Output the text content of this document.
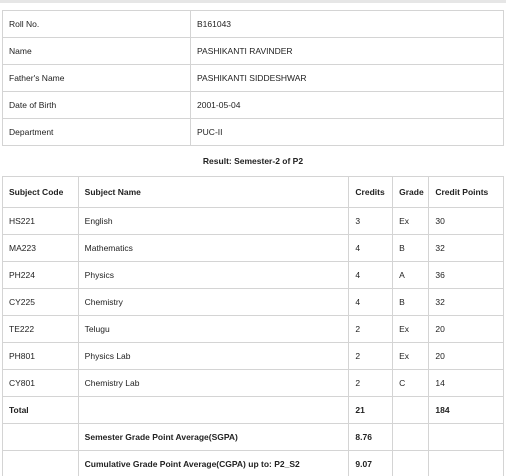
Roll No.	B161043
Name	PASHIKANTI RAVINDER
Father's Name	PASHIKANTI SIDDESHWAR
Date of Birth	2001-05-04
Department	PUC-II
Result: Semester-2 of P2
Subject Code	Subject Name	Credits	Grade	Credit Points
HS221	English	3	Ex	30
MA223	Mathematics	4	B	32
PH224	Physics	4	A	36
CY225	Chemistry	4	B	32
TE222	Telugu	2	Ex	20
PH801	Physics Lab	2	Ex	20
CY801	Chemistry Lab	2	C	14
Total		21		184
	Semester Grade Point Average(SGPA)	8.76		
	Cumulative Grade Point Average(CGPA) up to: P2_S2	9.07		
